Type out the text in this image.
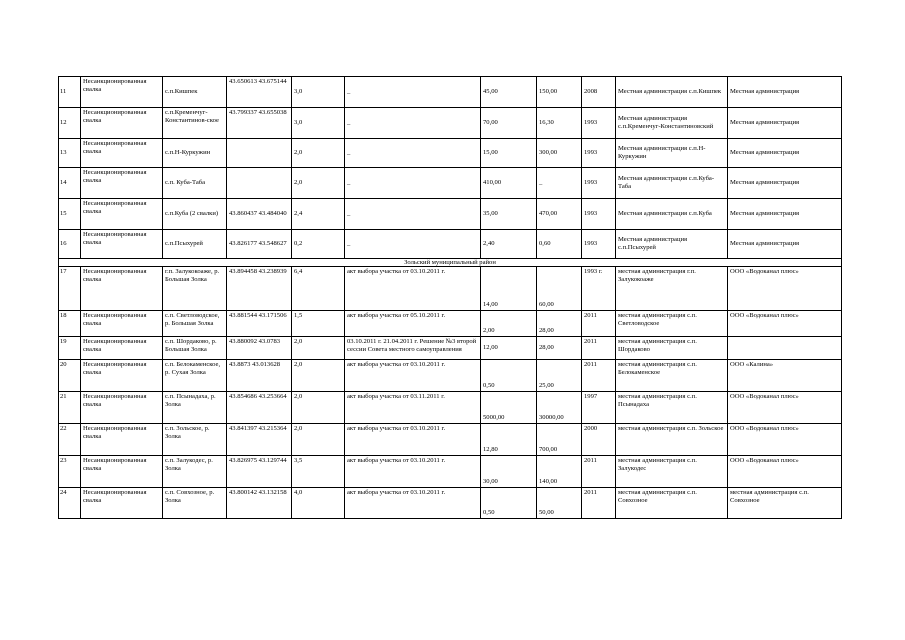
11	Несанкционированная свалка	с.п.Кишпек	43.650613 43.675144	3,0	_	45,00	150,00	2008	Местная администрация с.п.Кишпек	Местная администрация
12	Несанкционированная свалка	с.п.Кременчуг-Константинов-ское	43.799337 43.655038	3,0	_	70,00	16,30	1993	Местная администрация с.п.Кременчуг-Константиновский	Местная администрация
13	Несанкционированная свалка	с.п.Н-Куркужин		2,0	_	15,00	300,00	1993	Местная администрация с.п.Н-Куркужин	Местная администрация
14	Несанкционированная свалка	с.п. Куба-Таба		2,0	_	410,00	_	1993	Местная администрация с.п.Куба-Таба	Местная администрация
15	Несанкционированная свалка	с.п.Куба (2 свалки)	43.860437 43.484040	2,4	_	35,00	470,00	1993	Местная администрация с.п.Куба	Местная администрация
16	Несанкционированная свалка	с.п.Псыхурей	43.826177 43.548627	0,2	_	2,40	0,60	1993	Местная администрация с.п.Псыхурей	Местная администрация
Зольский муниципальный район										
17	Несанкционированная свалка	г.п. Залукокоаже, р. Большая Золка	43.894458 43.238939	6,4	акт выбора участка от 03.10.2011 г.	14,00	60,00	1993 г.	местная администрация г.п. Залукокоаже	ООО «Водоканал плюс»
18	Несанкционированная свалка	с.п. Светловодское, р. Большая Золка	43.881544 43.171506	1,5	акт выбора участка от 05.10.2011 г.	2,00	28,00	2011	местная администрация с.п. Светловодское	ООО «Водоканал плюс»
19	Несанкционированная свалка	с.п. Шордаково, р. Большая Золка	43.880092 43.0783	2,0	03.10.2011 г. 21.04.2011 г. Решение №3 второй сессии Совета местного самоуправления	12,00	28,00	2011	местная администрация с.п. Шордаково	
20	Несанкционированная свалка	с.п. Белокаменское, р. Сухая Золка	43.8873 43.013628	2,0	акт выбора участка от 03.10.2011 г.	0,50	25,00	2011	местная администрация с.п. Белокаменское	ООО «Калина»
21	Несанкционированная свалка	с.п. Псынадаха, р. Золка	43.854686 43.253664	2,0	акт выбора участка от 03.11.2011 г.	5000,00	30000,00	1997	местная администрация с.п. Псынадаха	ООО «Водоканал плюс»
22	Несанкционированная свалка	с.п. Зольское, р. Золка	43.841397 43.215364	2,0	акт выбора участка от 03.10.2011 г.	12,80	700,00	2000	местная администрация с.п. Зольское	ООО «Водоканал плюс»
23	Несанкционированная свалка	с.п. Залукодес, р. Золка	43.826975 43.129744	3,5	акт выбора участка от 03.10.2011 г.	30,00	140,00	2011	местная администрация с.п. Залукодес	ООО «Водоканал плюс»
24	Несанкционированная свалка	с.п. Совхозное, р. Золка	43.800142 43.132158	4,0	акт выбора участка от 03.10.2011 г.	0,50	50,00	2011	местная администрация с.п. Совхозное	местная администрация с.п. Совхозное
